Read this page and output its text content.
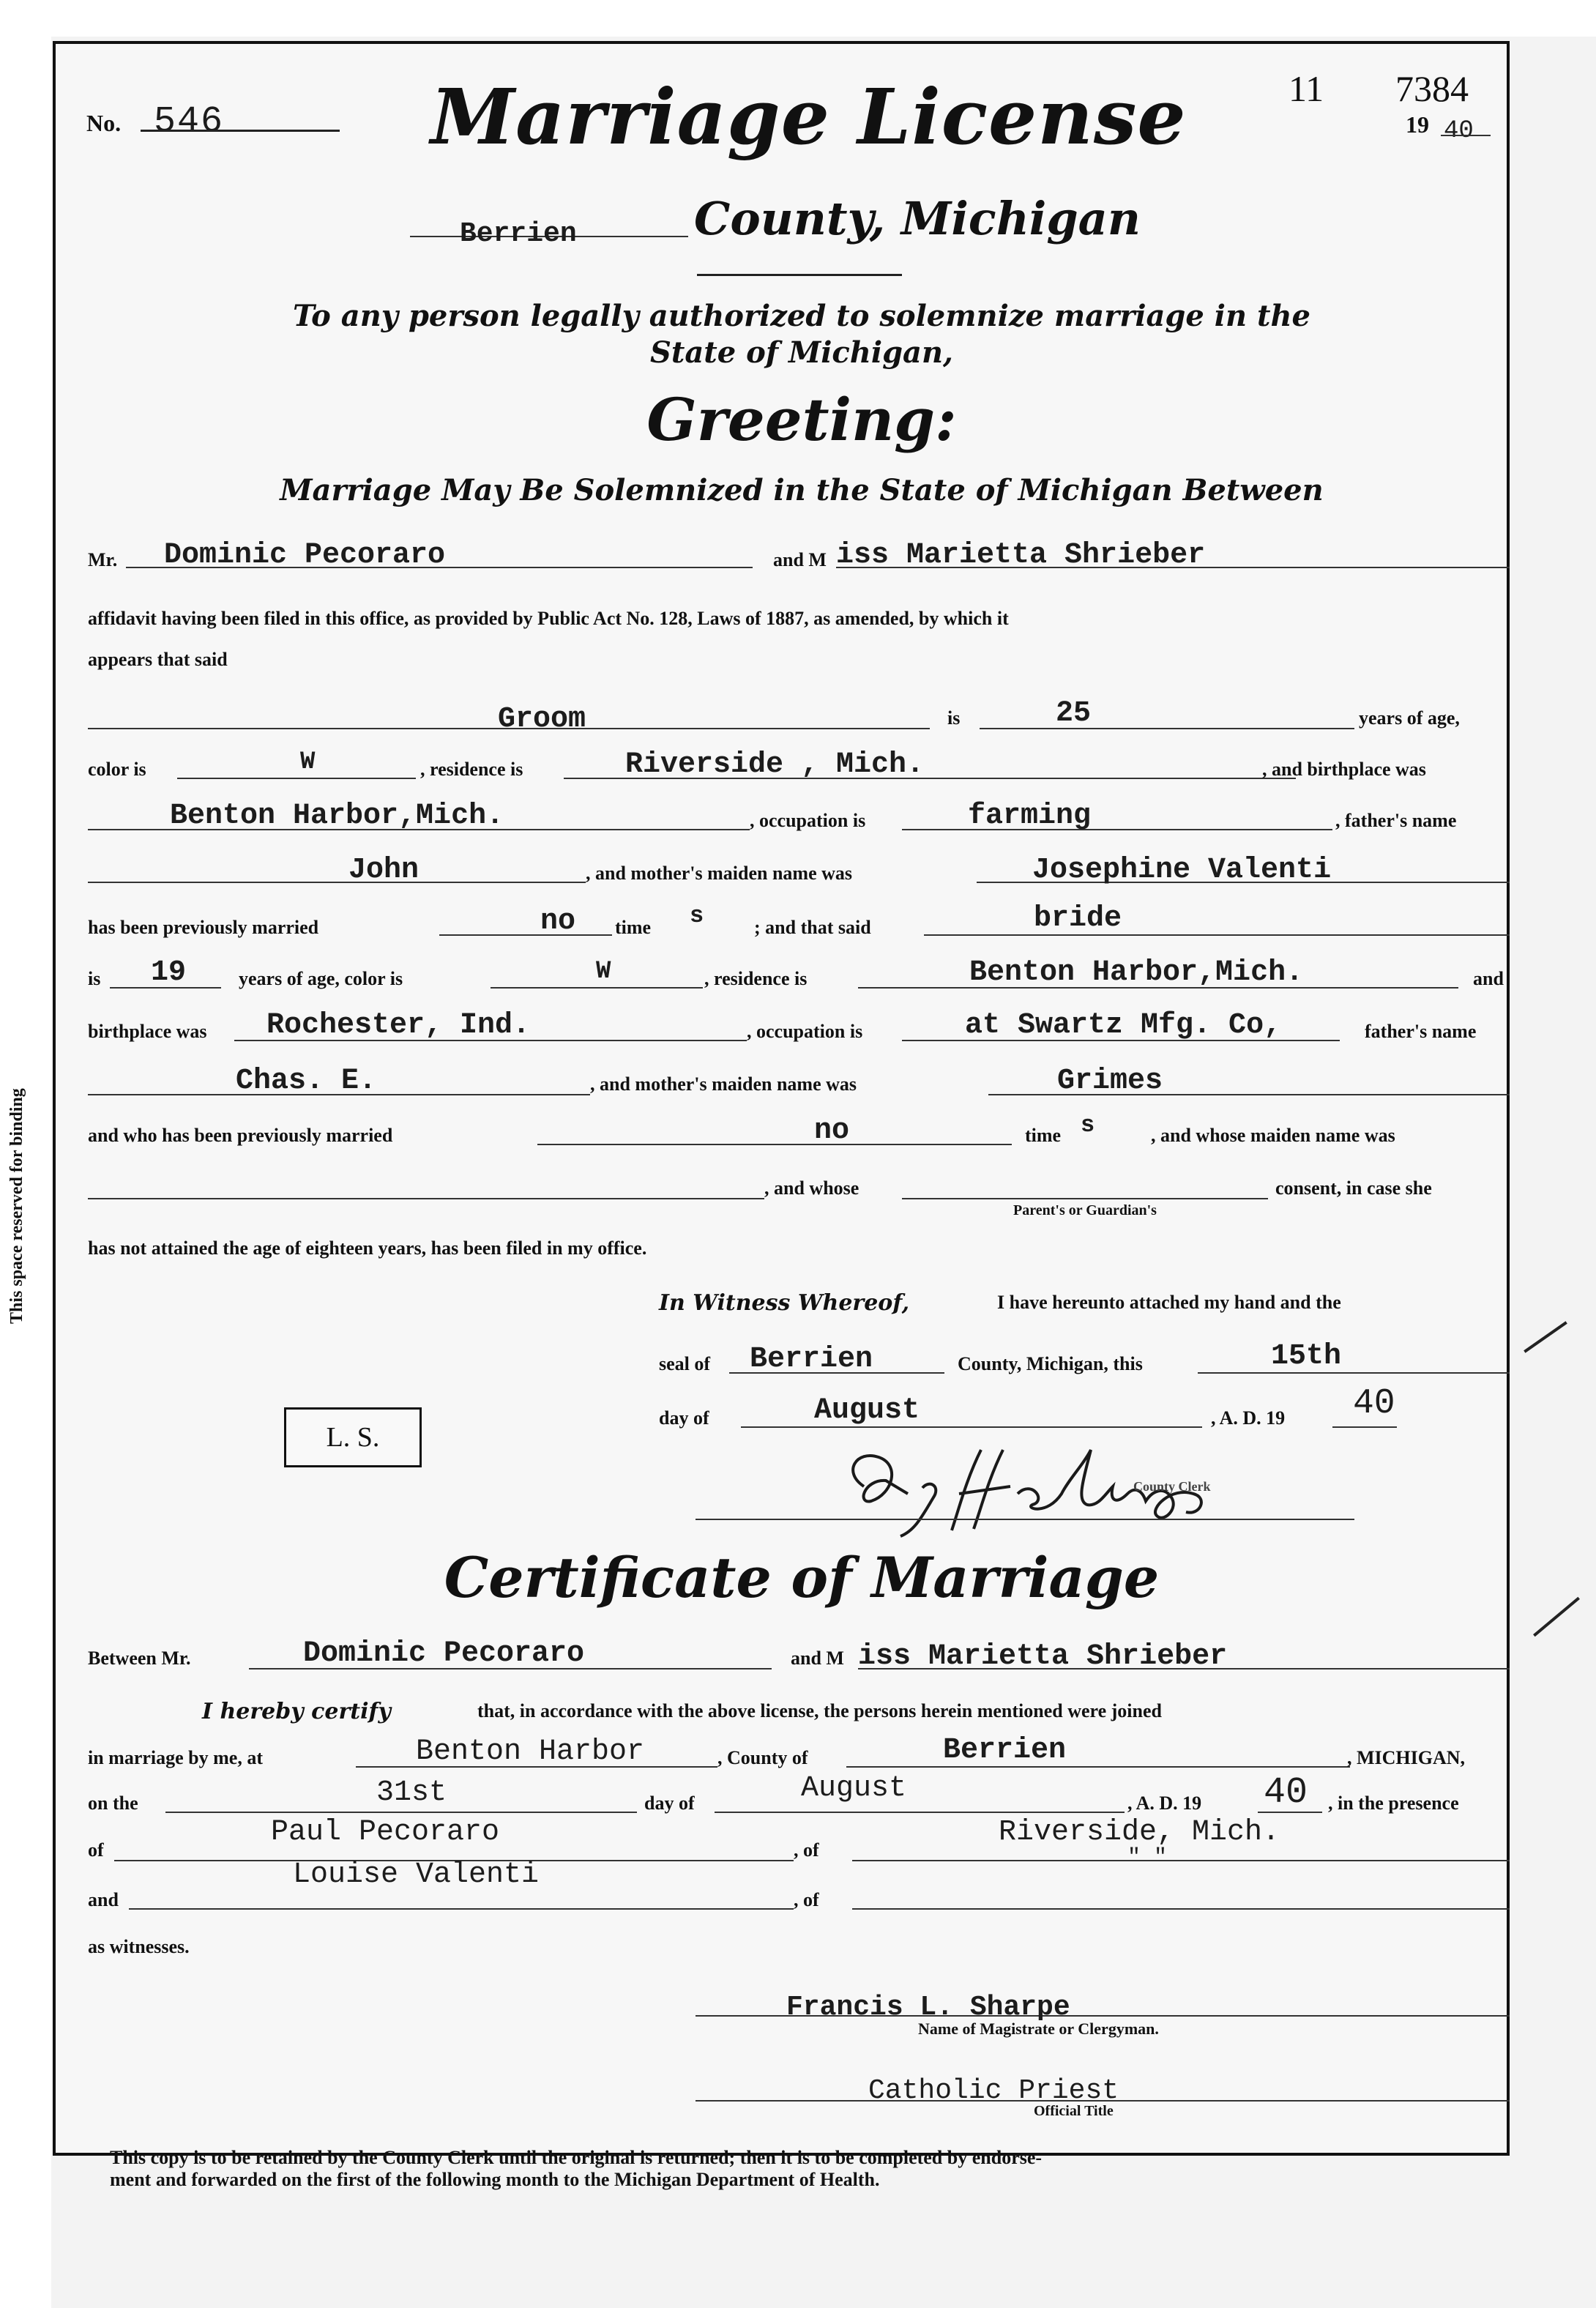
This space reserved for binding
No. 546	Marriage License	11 7384
19 40
Berrien	County, Michigan
To any person legally authorized to solemnize marriage in the
State of Michigan,
Greeting:
Marriage May Be Solemnized in the State of Michigan Between
Mr. Dominic Pecoraro	and M iss Marietta Shrieber
affidavit having been filed in this office, as provided by Public Act No. 128, Laws of 1887, as amended, by which it
appears that said
Groom	is	25	years of age,
color is	W	, residence is	Riverside , Mich.	, and birthplace was
Benton Harbor,Mich.	, occupation is	farming	, father's name
John	, and mother's maiden name was	Josephine Valenti
has been previously married	no time s	; and that said	bride
is 19	years of age, color is	W	, residence is	Benton Harbor,Mich.	and
birthplace was Rochester, Ind.	, occupation is	at Swartz Mfg. Co,	father's name
Chas. E.	, and mother's maiden name was	Grimes
and who has been previously married	no	time s	, and whose maiden name was
, and whose	consent, in case she
Parent's or Guardian's
has not attained the age of eighteen years, has been filed in my office.
In Witness Whereof,	I have hereunto attached my hand and the
seal of Berrien	County, Michigan, this	15th
day of	August	, A. D. 19 40
L. S.
County Clerk
Certificate of Marriage
Between Mr.	Dominic Pecoraro	and M iss Marietta Shrieber
I hereby certify	that, in accordance with the above license, the persons herein mentioned were joined
in marriage by me, at	Benton Harbor	, County of	Berrien	, MICHIGAN,
on the	31st	day of	August	, A. D. 19 40 , in the presence
of
Paul Pecoraro
, of
Riverside, Mich.
and
Louise Valenti
, of
" "
as witnesses.
Francis L. Sharpe
Name of Magistrate or Clergyman.
Catholic Priest
Official Title
This copy is to be retained by the County Clerk until the original is returned; then it is to be completed by endorse-
ment and forwarded on the first of the following month to the Michigan Department of Health.
